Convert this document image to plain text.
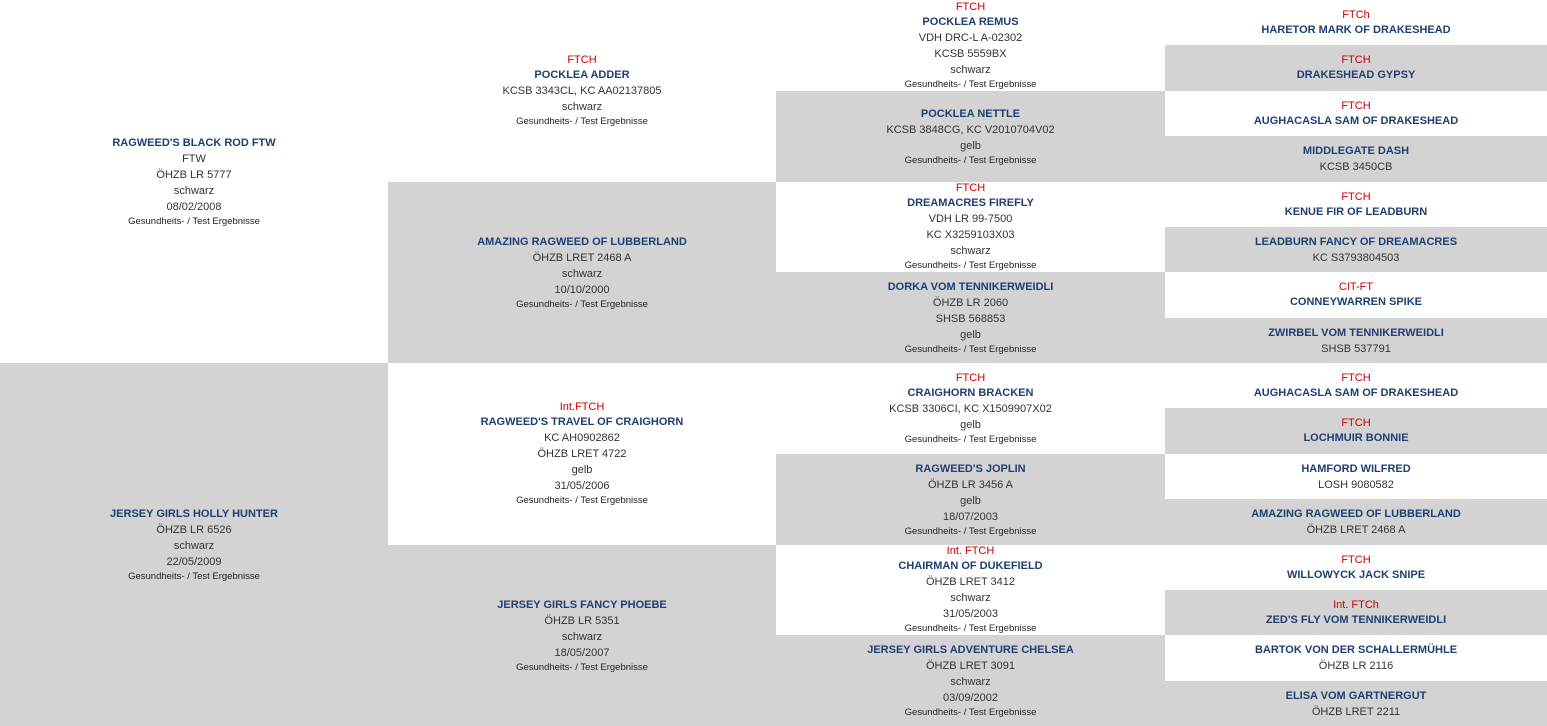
RAGWEED'S BLACK ROD FTW
FTW
ÖHZB LR 5777
schwarz
08/02/2008
Gesundheits- / Test Ergebnisse
JERSEY GIRLS HOLLY HUNTER
ÖHZB LR 6526
schwarz
22/05/2009
Gesundheits- / Test Ergebnisse
FTCH
POCKLEA ADDER
KCSB 3343CL, KC AA02137805
schwarz
Gesundheits- / Test Ergebnisse
AMAZING RAGWEED OF LUBBERLAND
ÖHZB LRET 2468 A
schwarz
10/10/2000
Gesundheits- / Test Ergebnisse
Int.FTCH
RAGWEED'S TRAVEL OF CRAIGHORN
KC AH0902862
ÖHZB LRET 4722
gelb
31/05/2006
Gesundheits- / Test Ergebnisse
JERSEY GIRLS FANCY PHOEBE
ÖHZB LR 5351
schwarz
18/05/2007
Gesundheits- / Test Ergebnisse
FTCH
POCKLEA REMUS
VDH DRC-L A-02302
KCSB 5559BX
schwarz
Gesundheits- / Test Ergebnisse
POCKLEA NETTLE
KCSB 3848CG, KC V2010704V02
gelb
Gesundheits- / Test Ergebnisse
FTCH
DREAMACRES FIREFLY
VDH LR 99-7500
KC X3259103X03
schwarz
Gesundheits- / Test Ergebnisse
DORKA VOM TENNIKERWEIDLI
ÖHZB LR 2060
SHSB 568853
gelb
Gesundheits- / Test Ergebnisse
FTCH
CRAIGHORN BRACKEN
KCSB 3306CI, KC X1509907X02
gelb
Gesundheits- / Test Ergebnisse
RAGWEED'S JOPLIN
ÖHZB LR 3456 A
gelb
18/07/2003
Gesundheits- / Test Ergebnisse
Int. FTCH
CHAIRMAN OF DUKEFIELD
ÖHZB LRET 3412
schwarz
31/05/2003
Gesundheits- / Test Ergebnisse
JERSEY GIRLS ADVENTURE CHELSEA
ÖHZB LRET 3091
schwarz
03/09/2002
Gesundheits- / Test Ergebnisse
FTCh
HARETOR MARK OF DRAKESHEAD
FTCH
DRAKESHEAD GYPSY
FTCH
AUGHACASLA SAM OF DRAKESHEAD
MIDDLEGATE DASH
KCSB 3450CB
FTCH
KENUE FIR OF LEADBURN
LEADBURN FANCY OF DREAMACRES
KC S3793804503
CIT-FT
CONNEYWARREN SPIKE
ZWIRBEL VOM TENNIKERWEIDLI
SHSB 537791
FTCH
AUGHACASLA SAM OF DRAKESHEAD
FTCH
LOCHMUIR BONNIE
HAMFORD WILFRED
LOSH 9080582
AMAZING RAGWEED OF LUBBERLAND
ÖHZB LRET 2468 A
FTCH
WILLOWYCK JACK SNIPE
Int. FTCh
ZED'S FLY VOM TENNIKERWEIDLI
BARTOK VON DER SCHALLERMÜHLE
ÖHZB LR 2116
ELISA VOM GARTNERGUT
ÖHZB LRET 2211
